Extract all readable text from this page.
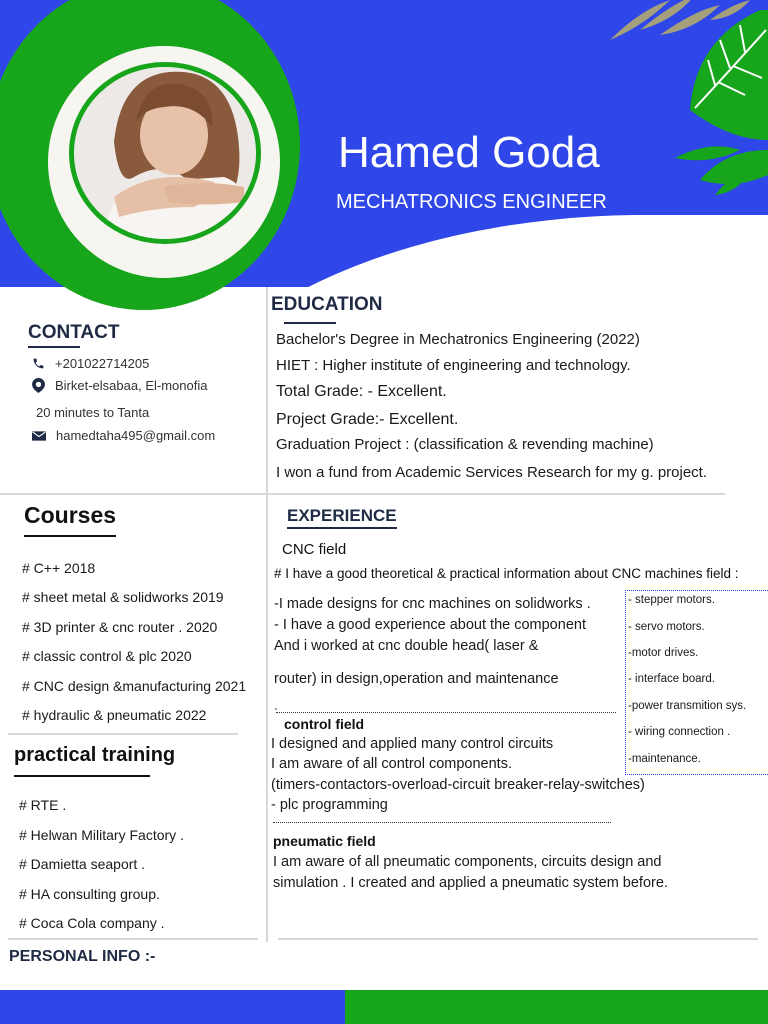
Hamed Goda
MECHATRONICS ENGINEER
CONTACT
+201022714205
Birket-elsabaa, El-monofia
20 minutes to Tanta
hamedtaha495@gmail.com
Courses
# C++ 2018
# sheet metal & solidworks 2019
# 3D printer & cnc router . 2020
# classic control & plc 2020
# CNC design &manufacturing 2021
# hydraulic & pneumatic 2022
practical training
# RTE .
# Helwan Military Factory .
# Damietta seaport .
# HA consulting group.
# Coca Cola company .
PERSONAL INFO :-
EDUCATION
Bachelor's Degree in Mechatronics Engineering (2022)
HIET : Higher institute of engineering and technology.
Total Grade: - Excellent.
Project Grade:- Excellent.
Graduation Project : (classification & revending machine)
I won a fund from Academic Services Research for my g. project.
EXPERIENCE
CNC field
# I have a good theoretical & practical information about CNC machines field :
-I made designs for cnc machines on solidworks .
- I have a good experience about the component
And i worked at cnc double head( laser &
router) in design,operation and maintenance
- stepper motors.
- servo motors.
-motor drives.
- interface board.
-power transmition sys.
- wiring connection .
-maintenance.
`
control field
I designed and applied many control circuits
I am aware of all control components.
(timers-contactors-overload-circuit breaker-relay-switches)
- plc programming
pneumatic field
I am aware of all pneumatic components, circuits design and
simulation . I created and applied a pneumatic system before.
